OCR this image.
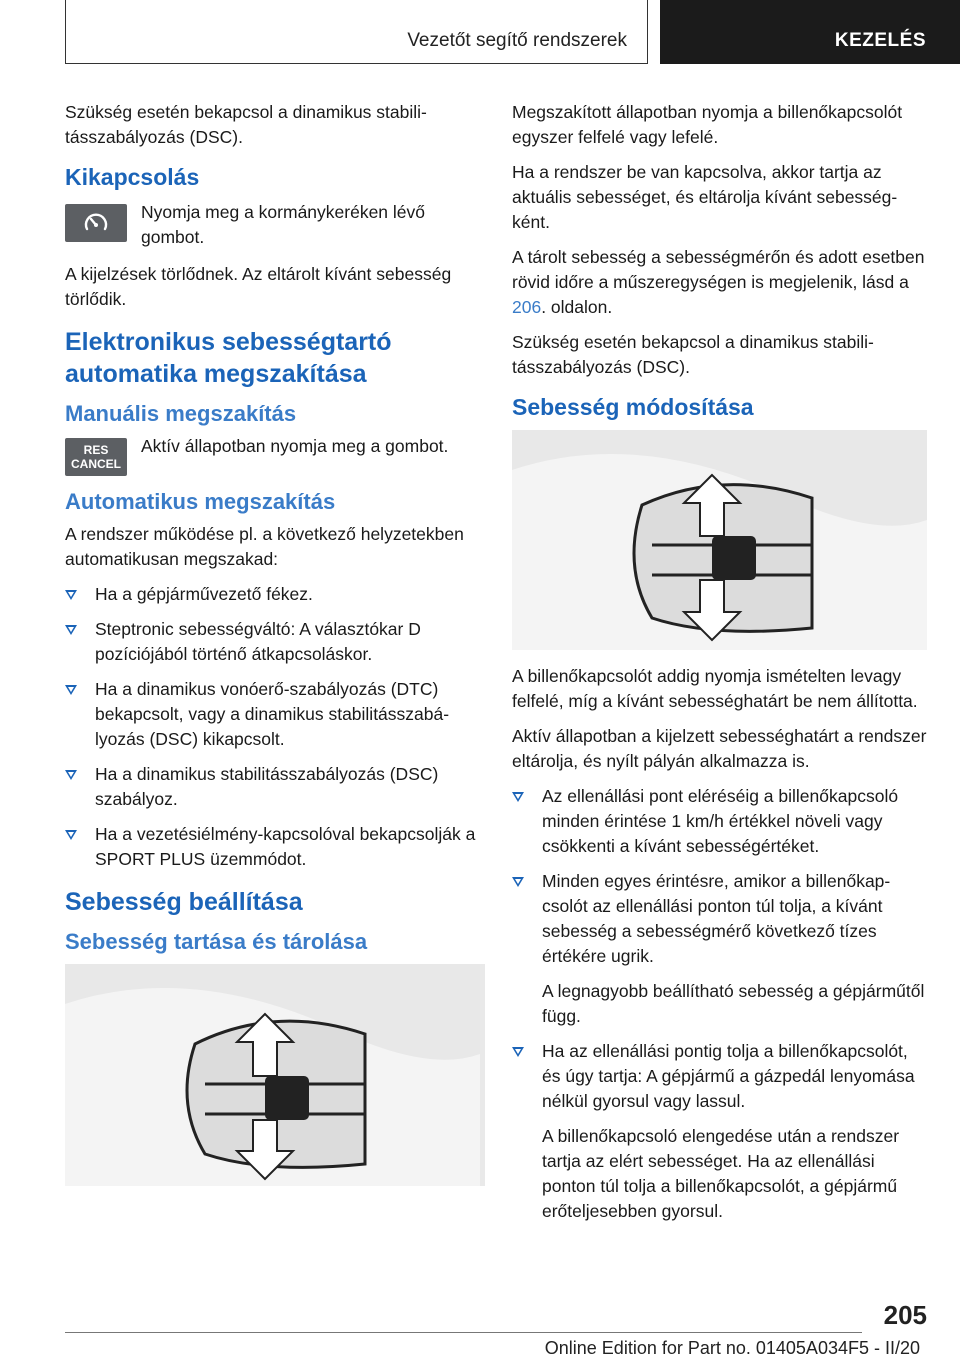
Vezetőt segítő rendszerek	KEZELÉS

Szükség esetén bekapcsol a dinamikus stabilitásszabályozás (DSC).

Kikapcsolás

Nyomja meg a kormánykeréken lévő gombot.

A kijelzések törlődnek. Az eltárolt kívánt sebesség törlődik.

Elektronikus sebességtartó automatika megszakítása
Manuális megszakítás
RES
CANCEL

Aktív állapotban nyomja meg a gombot.

Automatikus megszakítás

A rendszer működése pl. a következő helyzetekben automatikusan megszakad:

Ha a gépjárművezető fékez.
Steptronic sebességváltó: A választókar D pozíciójából történő átkapcsoláskor.
Ha a dinamikus vonóerő-szabályozás (DTC) bekapcsolt, vagy a dinamikus stabilitásszabályozás (DSC) kikapcsolt.
Ha a dinamikus stabilitásszabályozás (DSC) szabályoz.
Ha a vezetésiélmény-kapcsolóval bekapcsolják a SPORT PLUS üzemmódot.
Sebesség beállítása
Sebesség tartása és tárolása

Megszakított állapotban nyomja a billenőkapcsolót egyszer felfelé vagy lefelé.

Ha a rendszer be van kapcsolva, akkor tartja az aktuális sebességet, és eltárolja kívánt sebességként.

A tárolt sebesség a sebességmérőn és adott esetben rövid időre a műszeregységen is megjelenik, lásd a 206. oldalon.

Szükség esetén bekapcsol a dinamikus stabilitásszabályozás (DSC).

Sebesség módosítása

A billenőkapcsolót addig nyomja ismételten levagy felfelé, míg a kívánt sebességhatárt be nem állította.

Aktív állapotban a kijelzett sebességhatárt a rendszer eltárolja, és nyílt pályán alkalmazza is.

Az ellenállási pont eléréséig a billenőkapcsoló minden érintése 1 km/h értékkel növeli vagy csökkenti a kívánt sebességértéket.
Minden egyes érintésre, amikor a billenőkapcsolót az ellenállási ponton túl tolja, a kívánt sebesség a sebességmérő következő tízes értékére ugrik.
A legnagyobb beállítható sebesség a gépjárműtől függ.
Ha az ellenállási pontig tolja a billenőkapcsolót, és úgy tartja: A gépjármű a gázpedál lenyomása nélkül gyorsul vagy lassul.
A billenőkapcsoló elengedése után a rendszer tartja az elért sebességet. Ha az ellenállási ponton túl tolja a billenőkapcsolót, a gépjármű erőteljesebben gyorsul.
205
Online Edition for Part no. 01405A034F5 - II/20
